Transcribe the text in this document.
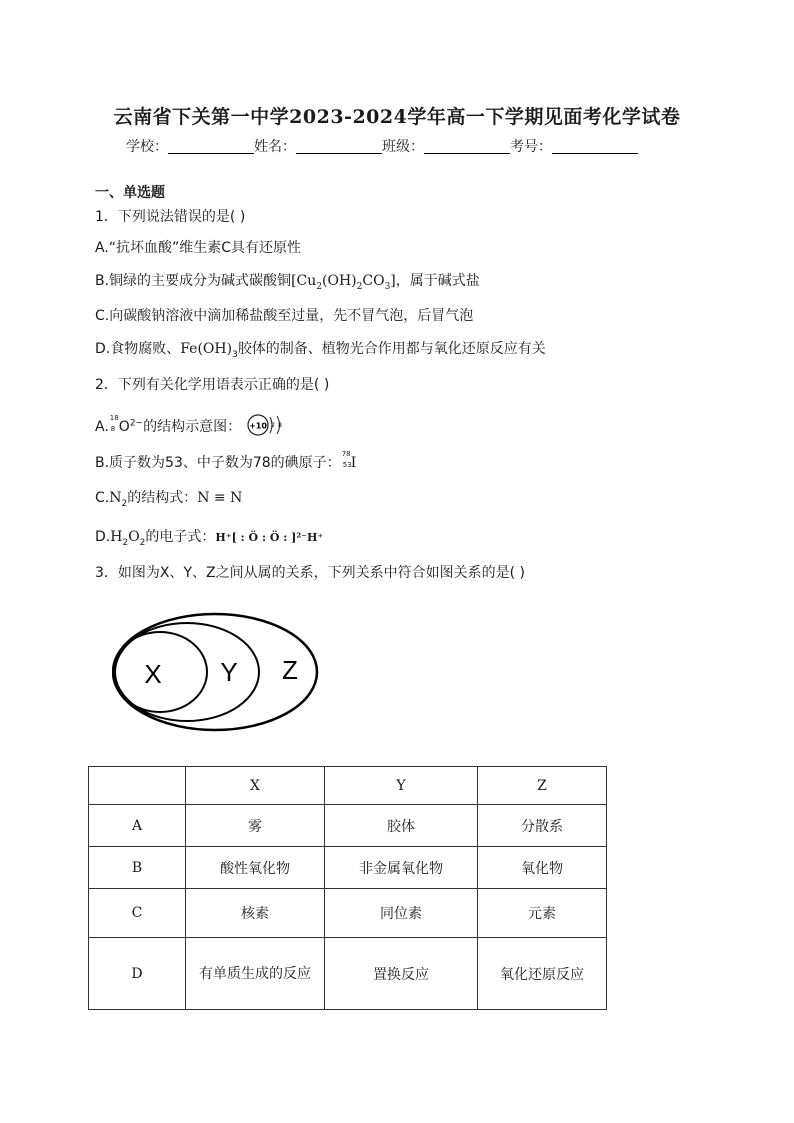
云南省下关第一中学2023-2024学年高一下学期见面考化学试卷
学校：	姓名：	班级：	考号：
一、单选题
1．下列说法错误的是( )
A.“抗坏血酸”维生素C具有还原性
B.铜绿的主要成分为碱式碳酸铜$[Cu_2(OH)_2CO_3]$，属于碱式盐
C.向碳酸钠溶液中滴加稀盐酸至过量，先不冒气泡，后冒气泡
D.食物腐败、$Fe(OH)_3$胶体的制备、植物光合作用都与氧化还原反应有关
2．下列有关化学用语表示正确的是( )
A.
18
8 $O^{2-}$的结构示意图： +10 2 8
B.质子数为53、中子数为78的碘原子：
78
53 I
$C.N_2$的结构式：N ≡ N
$D.H_2O_2$的电子式：H⁺[ : Ö : Ö : ]²⁻H⁺
3．如图为X、Y、Z之间从属的关系，下列关系中符合如图关系的是( )
X Y Z
	X	Y	Z
A	雾	胶体	分散系
B	酸性氧化物	非金属氧化物	氧化物
C	核素	同位素	元素
D	有单质生成的反应	置换反应	氧化还原反应
